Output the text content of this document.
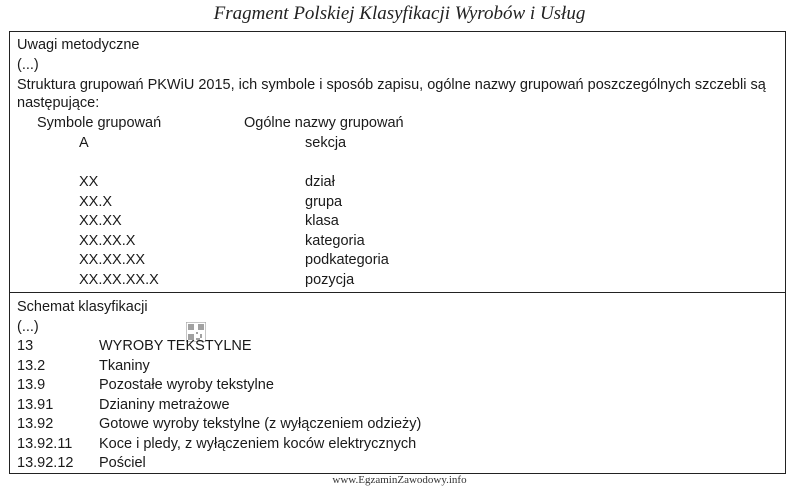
Fragment Polskiej Klasyfikacji Wyrobów i Usług
Uwagi metodyczne
(...)
Struktura grupowań PKWiU 2015, ich symbole i sposób zapisu, ogólne nazwy grupowań poszczególnych szczebli są
następujące:
Symbole grupowań	Ogólne nazwy grupowań
A	sekcja
XX	dział
XX.X	grupa
XX.XX	klasa
XX.XX.X	kategoria
XX.XX.XX	podkategoria
XX.XX.XX.X	pozycja
Schemat klasyfikacji
(...)
13	WYROBY TEKSTYLNE
13.2	Tkaniny
13.9	Pozostałe wyroby tekstylne
13.91	Dzianiny metrażowe
13.92	Gotowe wyroby tekstylne (z wyłączeniem odzieży)
13.92.11 Koce i pledy, z wyłączeniem koców elektrycznych
13.92.12 Pościel
www.EgzaminZawodowy.info
